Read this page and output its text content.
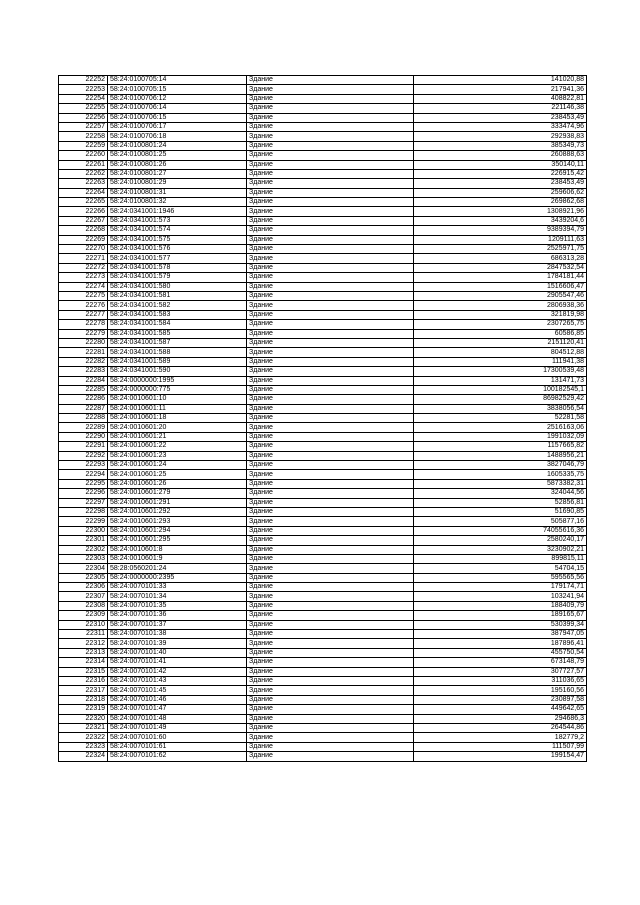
22252	58:24:0100705:14	Здание	141020,88
22253	58:24:0100705:15	Здание	217941,36
22254	58:24:0100706:12	Здание	408822,81
22255	58:24:0100706:14	Здание	221146,38
22256	58:24:0100706:15	Здание	238453,49
22257	58:24:0100706:17	Здание	333474,96
22258	58:24:0100706:18	Здание	292938,83
22259	58:24:0100801:24	Здание	385349,73
22260	58:24:0100801:25	Здание	260888,63
22261	58:24:0100801:26	Здание	350140,11
22262	58:24:0100801:27	Здание	226915,42
22263	58:24:0100801:29	Здание	238453,49
22264	58:24:0100801:31	Здание	259606,62
22265	58:24:0100801:32	Здание	269862,68
22266	58:24:0341001:1946	Здание	1308921,96
22267	58:24:0341001:573	Здание	3439204,6
22268	58:24:0341001:574	Здание	9389394,79
22269	58:24:0341001:575	Здание	1209111,63
22270	58:24:0341001:576	Здание	2525971,75
22271	58:24:0341001:577	Здание	686313,28
22272	58:24:0341001:578	Здание	2847532,54
22273	58:24:0341001:579	Здание	1784181,44
22274	58:24:0341001:580	Здание	1516606,47
22275	58:24:0341001:581	Здание	2905547,46
22276	58:24:0341001:582	Здание	2806938,36
22277	58:24:0341001:583	Здание	321819,98
22278	58:24:0341001:584	Здание	2307265,75
22279	58:24:0341001:585	Здание	60586,85
22280	58:24:0341001:587	Здание	2151120,41
22281	58:24:0341001:588	Здание	804512,88
22282	58:24:0341001:589	Здание	111941,38
22283	58:24:0341001:590	Здание	17300539,48
22284	58:24:0000000:1995	Здание	131471,73
22285	58:24:0000000:775	Здание	100182545,1
22286	58:24:0010601:10	Здание	86982529,42
22287	58:24:0010601:11	Здание	3838056,54
22288	58:24:0010601:18	Здание	52281,58
22289	58:24:0010601:20	Здание	2516163,06
22290	58:24:0010601:21	Здание	1991032,09
22291	58:24:0010601:22	Здание	1157665,82
22292	58:24:0010601:23	Здание	1488956,21
22293	58:24:0010601:24	Здание	3827046,79
22294	58:24:0010601:25	Здание	1605335,75
22295	58:24:0010601:26	Здание	5873382,31
22296	58:24:0010601:279	Здание	324044,56
22297	58:24:0010601:291	Здание	52856,81
22298	58:24:0010601:292	Здание	51690,85
22299	58:24:0010601:293	Здание	505877,16
22300	58:24:0010601:294	Здание	74055616,36
22301	58:24:0010601:295	Здание	2580240,17
22302	58:24:0010601:8	Здание	3230902,21
22303	58:24:0010601:9	Здание	899815,11
22304	58:28:0560201:24	Здание	54704,15
22305	58:24:0000000:2395	Здание	595565,56
22306	58:24:0070101:33	Здание	179174,71
22307	58:24:0070101:34	Здание	103241,94
22308	58:24:0070101:35	Здание	188409,79
22309	58:24:0070101:36	Здание	189165,67
22310	58:24:0070101:37	Здание	530399,34
22311	58:24:0070101:38	Здание	387947,05
22312	58:24:0070101:39	Здание	187896,41
22313	58:24:0070101:40	Здание	455750,54
22314	58:24:0070101:41	Здание	673148,79
22315	58:24:0070101:42	Здание	307727,57
22316	58:24:0070101:43	Здание	311036,65
22317	58:24:0070101:45	Здание	195160,56
22318	58:24:0070101:46	Здание	230897,58
22319	58:24:0070101:47	Здание	449642,65
22320	58:24:0070101:48	Здание	294686,3
22321	58:24:0070101:49	Здание	264544,86
22322	58:24:0070101:60	Здание	182779,2
22323	58:24:0070101:61	Здание	111507,99
22324	58:24:0070101:62	Здание	199154,47
